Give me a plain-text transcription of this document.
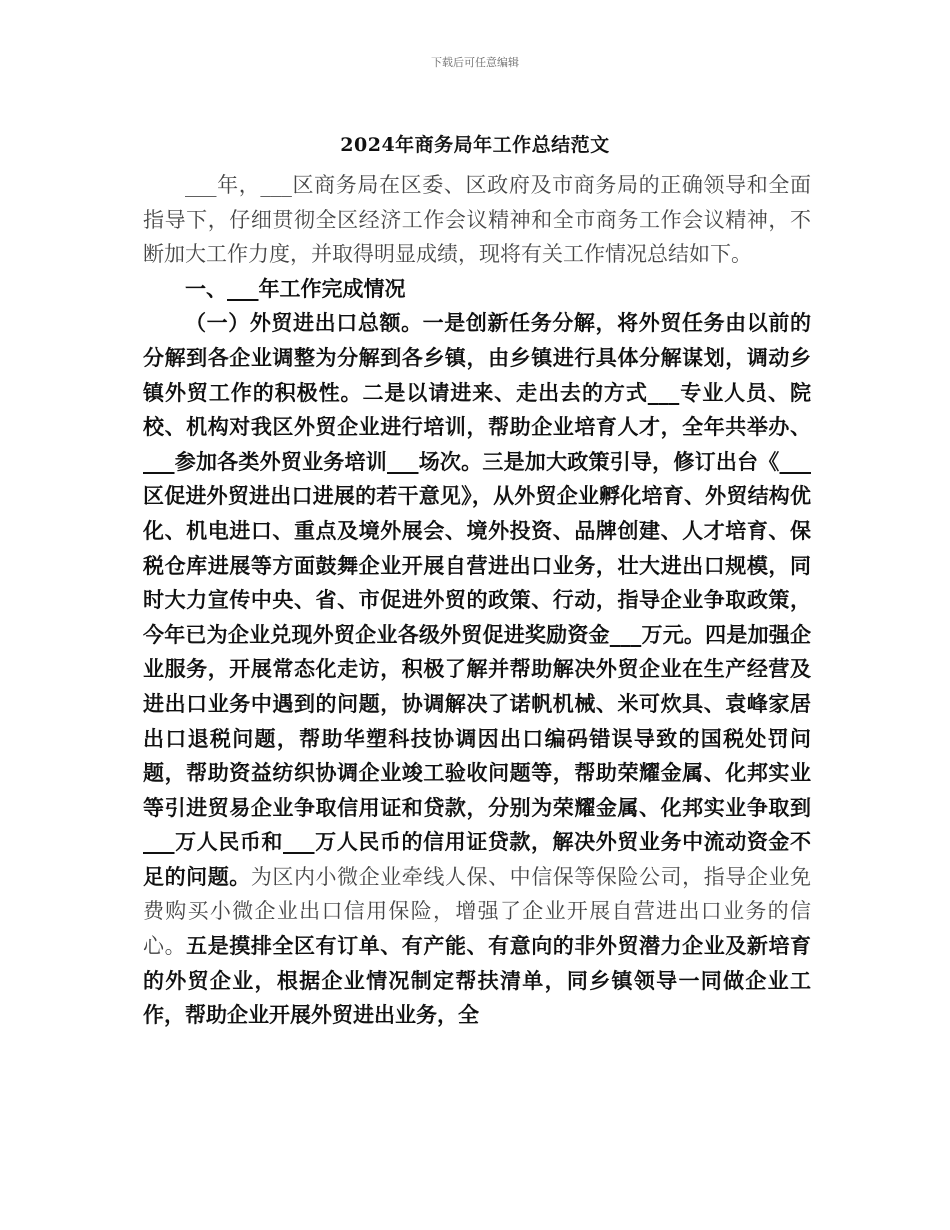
下载后可任意编辑
2024年商务局年工作总结范文

___年，___区商务局在区委、区政府及市商务局的正确领导和全面指导下，仔细贯彻全区经济工作会议精神和全市商务工作会议精神，不断加大工作力度，并取得明显成绩，现将有关工作情况总结如下。

一、___年工作完成情况

（一）外贸进出口总额。一是创新任务分解，将外贸任务由以前的分解到各企业调整为分解到各乡镇，由乡镇进行具体分解谋划，调动乡镇外贸工作的积极性。二是以请进来、走出去的方式___专业人员、院校、机构对我区外贸企业进行培训，帮助企业培育人才，全年共举办、___参加各类外贸业务培训___场次。三是加大政策引导，修订出台《___区促进外贸进出口进展的若干意见》，从外贸企业孵化培育、外贸结构优化、机电进口、重点及境外展会、境外投资、品牌创建、人才培育、保税仓库进展等方面鼓舞企业开展自营进出口业务，壮大进出口规模，同时大力宣传中央、省、市促进外贸的政策、行动，指导企业争取政策，今年已为企业兑现外贸企业各级外贸促进奖励资金___万元。四是加强企业服务，开展常态化走访，积极了解并帮助解决外贸企业在生产经营及进出口业务中遇到的问题，协调解决了诺帆机械、米可炊具、袁峰家居出口退税问题，帮助华塑科技协调因出口编码错误导致的国税处罚问题，帮助资益纺织协调企业竣工验收问题等，帮助荣耀金属、化邦实业等引进贸易企业争取信用证和贷款，分别为荣耀金属、化邦实业争取到___万人民币和___万人民币的信用证贷款，解决外贸业务中流动资金不足的问题。为区内小微企业牵线人保、中信保等保险公司，指导企业免费购买小微企业出口信用保险，增强了企业开展自营进出口业务的信心。五是摸排全区有订单、有产能、有意向的非外贸潜力企业及新培育的外贸企业，根据企业情况制定帮扶清单，同乡镇领导一同做企业工作，帮助企业开展外贸进出业务，全
